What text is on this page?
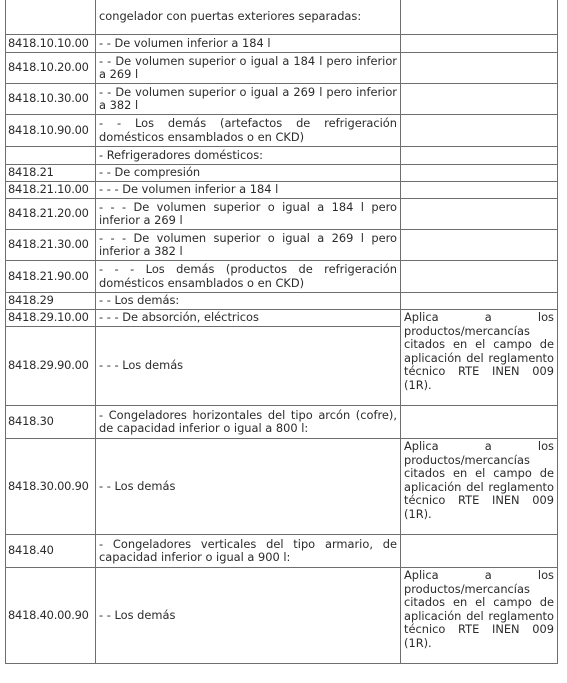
	congelador con puertas exteriores separadas:	
8418.10.10.00	- - De volumen inferior a 184 l	
8418.10.20.00	- - De volumen superior o igual a 184 l pero inferior a 269 l	
8418.10.30.00	- - De volumen superior o igual a 269 l pero inferior a 382 l	
8418.10.90.00	- - Los demás (artefactos de refrigeración domésticos ensamblados o en CKD)	
	- Refrigeradores domésticos:	
8418.21	- - De compresión	
8418.21.10.00	- - - De volumen inferior a 184 l	
8418.21.20.00	- - - De volumen superior o igual a 184 l pero inferior a 269 l	
8418.21.30.00	- - - De volumen superior o igual a 269 l pero inferior a 382 l	
8418.21.90.00	- - - Los demás (productos de refrigeración domésticos ensamblados o en CKD)	
8418.29	- - Los demás:	
8418.29.10.00	- - - De absorción, eléctricos	Aplica a los productos/mercancías citados en el campo de aplicación del reglamento técnico RTE INEN 009 (1R).
8418.29.90.00	- - - Los demás	
8418.30	- Congeladores horizontales del tipo arcón (cofre), de capacidad inferior o igual a 800 l:	
8418.30.00.90	- - Los demás	Aplica a los productos/mercancías citados en el campo de aplicación del reglamento técnico RTE INEN 009 (1R).
8418.40	- Congeladores verticales del tipo armario, de capacidad inferior o igual a 900 l:	
8418.40.00.90	- - Los demás	Aplica a los productos/mercancías citados en el campo de aplicación del reglamento técnico RTE INEN 009 (1R).
